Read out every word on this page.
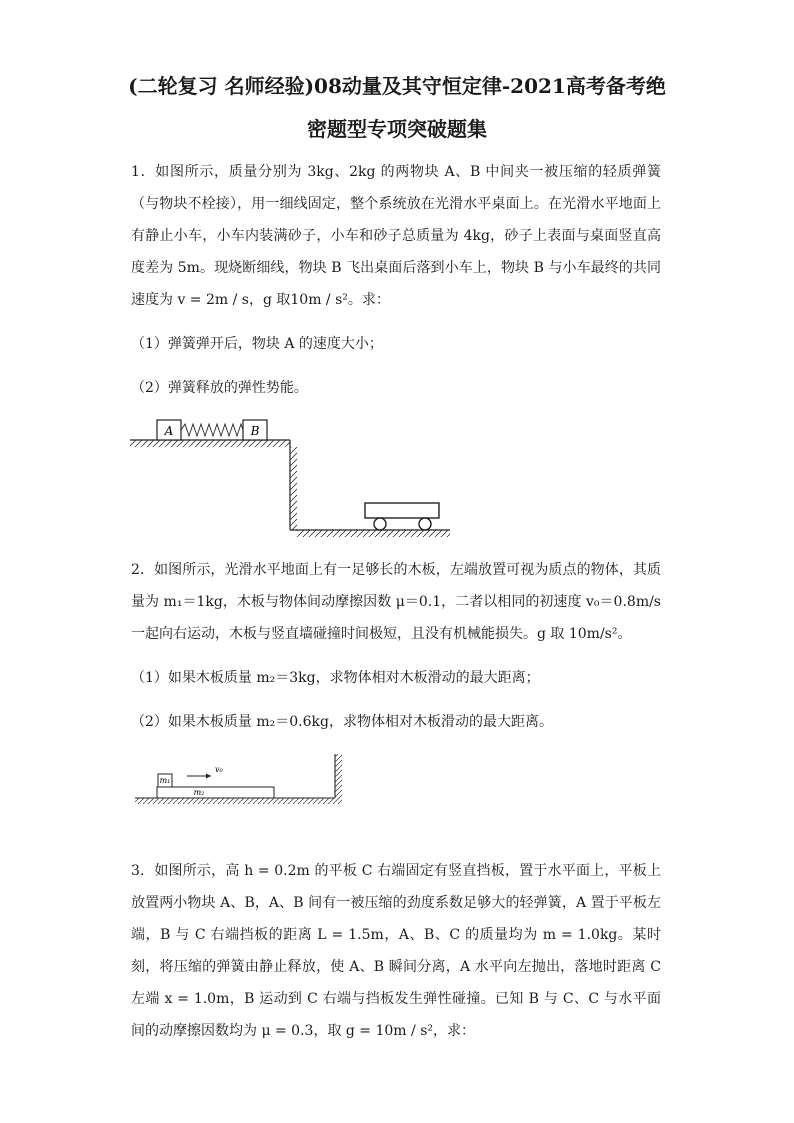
(二轮复习 名师经验)08动量及其守恒定律-2021高考备考绝
密题型专项突破题集
1．如图所示，质量分别为 3kg、2kg 的两物块 A、B 中间夹一被压缩的轻质弹簧（与物块不栓接），用一细线固定，整个系统放在光滑水平桌面上。在光滑水平地面上有静止小车，小车内装满砂子，小车和砂子总质量为 4kg，砂子上表面与桌面竖直高度差为 5m。现烧断细线，物块 B 飞出桌面后落到小车上，物块 B 与小车最终的共同速度为 v = 2m / s，g 取10m / s²。求：
（1）弹簧弹开后，物块 A 的速度大小；
（2）弹簧释放的弹性势能。
A	B
2．如图所示，光滑水平地面上有一足够长的木板，左端放置可视为质点的物体，其质量为 m₁＝1kg，木板与物体间动摩擦因数 μ＝0.1，二者以相同的初速度 v₀＝0.8m/s 一起向右运动，木板与竖直墙碰撞时间极短，且没有机械能损失。g 取 10m/s²。
（1）如果木板质量 m₂＝3kg，求物体相对木板滑动的最大距离；
（2）如果木板质量 m₂＝0.6kg，求物体相对木板滑动的最大距离。
m₂
m₁
v₀
3．如图所示，高 h = 0.2m 的平板 C 右端固定有竖直挡板，置于水平面上，平板上放置两小物块 A、B，A、B 间有一被压缩的劲度系数足够大的轻弹簧，A 置于平板左端，B 与 C 右端挡板的距离 L = 1.5m，A、B、C 的质量均为 m = 1.0kg。某时刻，将压缩的弹簧由静止释放，使 A、B 瞬间分离，A 水平向左抛出，落地时距离 C 左端 x = 1.0m，B 运动到 C 右端与挡板发生弹性碰撞。已知 B 与 C、C 与水平面间的动摩擦因数均为 μ = 0.3，取 g = 10m / s²，求：
